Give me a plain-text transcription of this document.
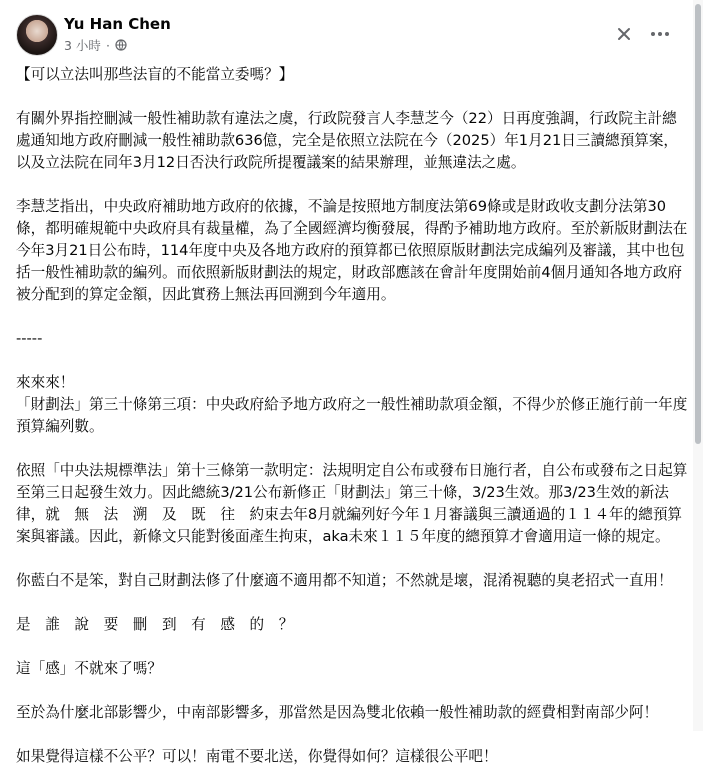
Yu Han Chen
3 小時 ·

【可以立法叫那些法盲的不能當立委嗎？】

有關外界指控刪減一般性補助款有違法之虞，行政院發言人李慧芝今（22）日再度強調，行政院主計總處通知地方政府刪減一般性補助款636億，完全是依照立法院在今（2025）年1月21日三讀總預算案，以及立法院在同年3月12日否決行政院所提覆議案的結果辦理，並無違法之處。

李慧芝指出，中央政府補助地方政府的依據，不論是按照地方制度法第69條或是財政收支劃分法第30條，都明確規範中央政府具有裁量權，為了全國經濟均衡發展，得酌予補助地方政府。至於新版財劃法在今年3月21日公布時，114年度中央及各地方政府的預算都已依照原版財劃法完成編列及審議，其中也包括一般性補助款的編列。而依照新版財劃法的規定，財政部應該在會計年度開始前4個月通知各地方政府被分配到的算定金額，因此實務上無法再回溯到今年適用。

-----

來來來！
「財劃法」第三十條第三項：中央政府給予地方政府之一般性補助款項金額，不得少於修正施行前一年度預算編列數。

依照「中央法規標準法」第十三條第一款明定：法規明定自公布或發布日施行者，自公布或發布之日起算至第三日起發生效力。因此總統3/21公布新修正「財劃法」第三十條，3/23生效。那3/23生效的新法律，就　無　法　溯　及　既　往　約束去年8月就編列好今年１月審議與三讀通過的１１４年的總預算案與審議。因此，新條文只能對後面產生拘束，aka未來１１５年度的總預算才會適用這一條的規定。

你藍白不是笨，對自己財劃法修了什麼適不適用都不知道；不然就是壞，混淆視聽的臭老招式一直用！

是　誰　說　要　刪　到　有　感　的　？

這「感」不就來了嗎？

至於為什麼北部影響少，中南部影響多，那當然是因為雙北依賴一般性補助款的經費相對南部少阿！

如果覺得這樣不公平？可以！南電不要北送，你覺得如何？這樣很公平吧！
